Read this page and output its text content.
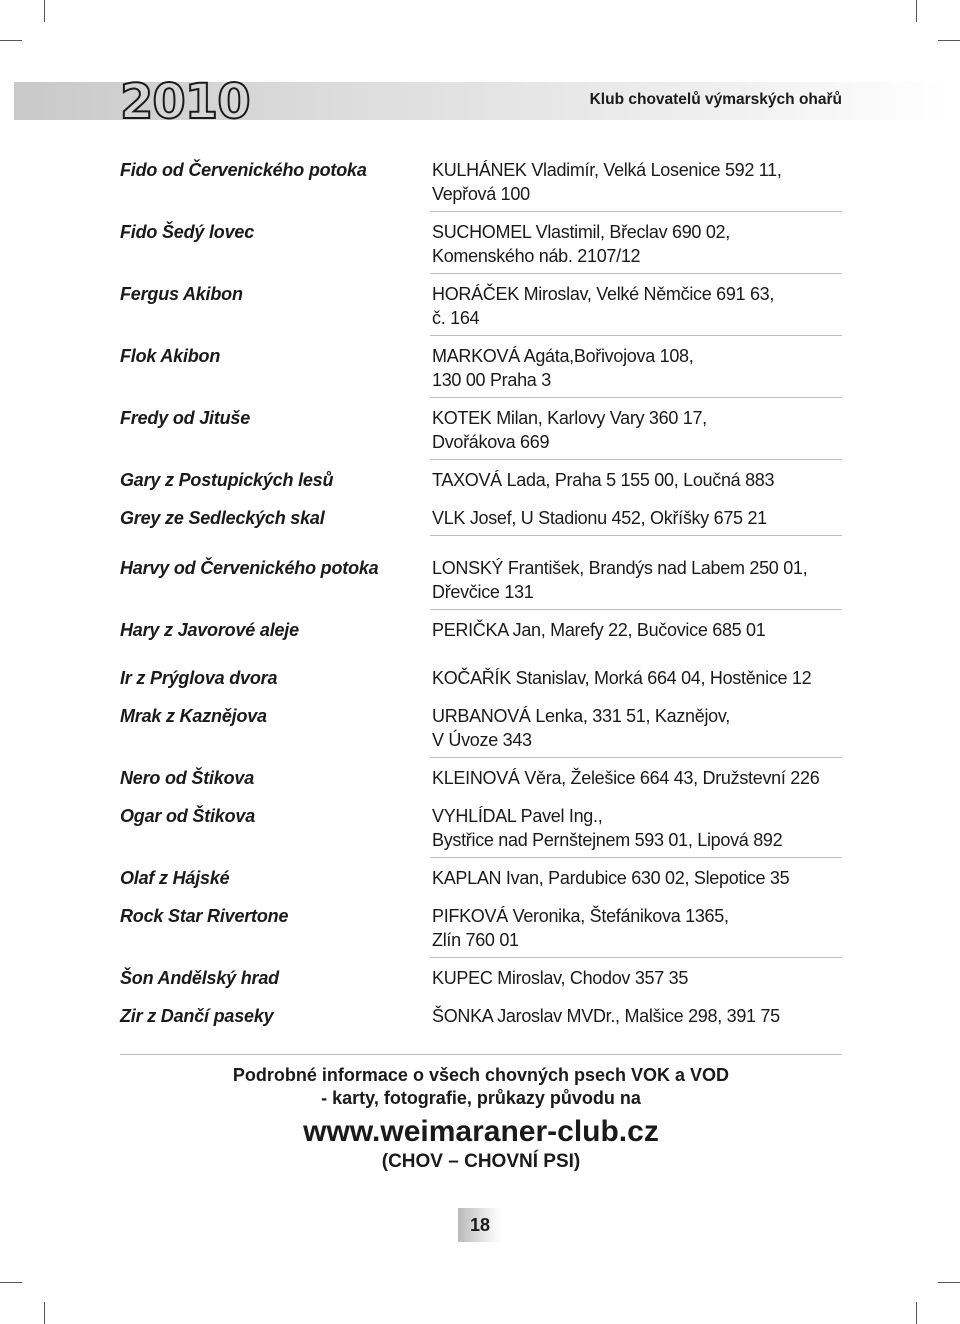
2010	Klub chovatelů výmarských ohařů
Fido od Červenického potoka	KULHÁNEK Vladimír, Velká Losenice 592 11,
Vepřová 100
Fido Šedý lovec	SUCHOMEL Vlastimil, Břeclav 690 02,
Komenského náb. 2107/12
Fergus Akibon	HORÁČEK Miroslav, Velké Němčice 691 63,
č. 164
Flok Akibon	MARKOVÁ Agáta,Bořivojova 108,
130 00 Praha 3
Fredy od Jituše	KOTEK Milan, Karlovy Vary 360 17,
Dvořákova 669
Gary z Postupických lesů	TAXOVÁ Lada, Praha 5 155 00, Loučná 883
Grey ze Sedleckých skal	VLK Josef, U Stadionu 452, Okříšky 675 21
Harvy od Červenického potoka	LONSKÝ František, Brandýs nad Labem 250 01,
Dřevčice 131
Hary z Javorové aleje	PERIČKA Jan, Marefy 22, Bučovice 685 01
Ir z Prýglova dvora	KOČAŘÍK Stanislav, Morká 664 04, Hostěnice 12
Mrak z Kaznějova	URBANOVÁ Lenka, 331 51, Kaznějov,
V Úvoze 343
Nero od Štikova	KLEINOVÁ Věra, Želešice 664 43, Družstevní 226
Ogar od Štikova	VYHLÍDAL Pavel Ing.,
Bystřice nad Pernštejnem 593 01, Lipová 892
Olaf z Hájské	KAPLAN Ivan, Pardubice 630 02, Slepotice 35
Rock Star Rivertone	PIFKOVÁ Veronika, Štefánikova 1365,
Zlín 760 01
Šon Andělský hrad	KUPEC Miroslav, Chodov 357 35
Zir z Dančí paseky	ŠONKA Jaroslav MVDr., Malšice 298, 391 75
Podrobné informace o všech chovných psech VOK a VOD
- karty, fotografie, průkazy původu na
www.weimaraner-club.cz
(CHOV – CHOVNÍ PSI)
18
